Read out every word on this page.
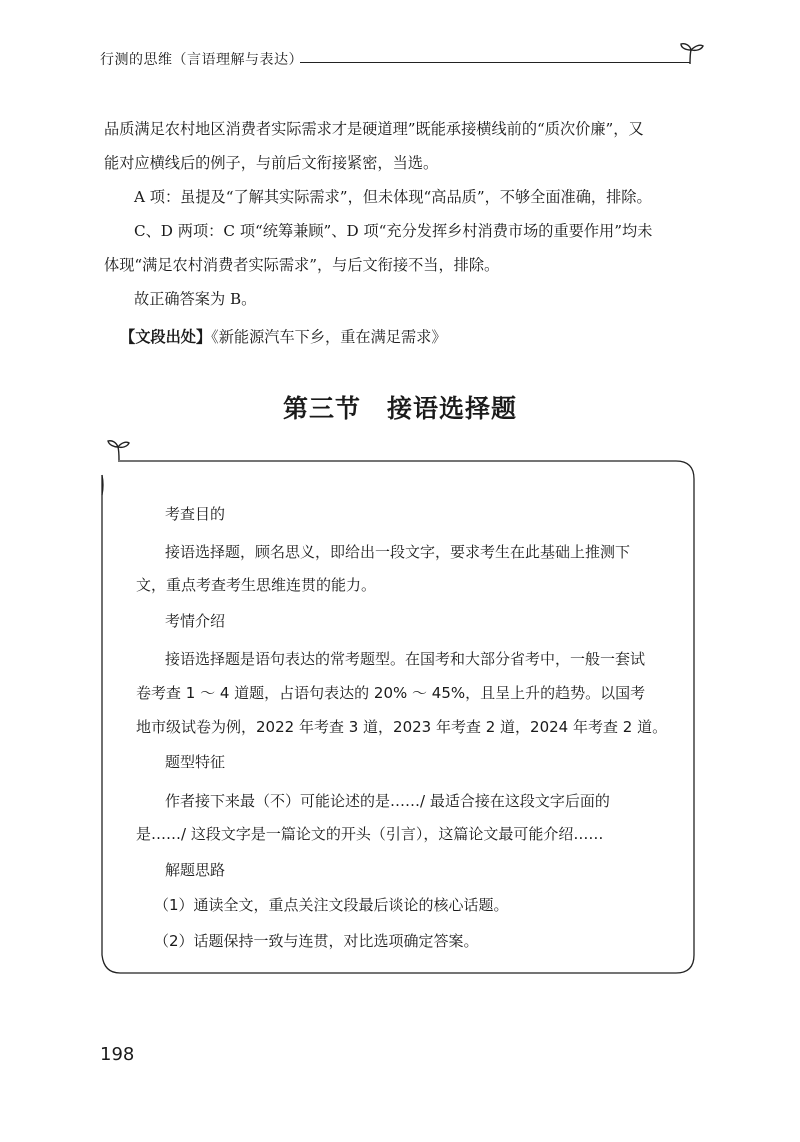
行测的思维（言语理解与表达）
品质满足农村地区消费者实际需求才是硬道理”既能承接横线前的“质次价廉”，又
能对应横线后的例子，与前后文衔接紧密，当选。
A 项：虽提及“了解其实际需求”，但未体现“高品质”，不够全面准确，排除。
C、D 两项：C 项“统筹兼顾”、D 项“充分发挥乡村消费市场的重要作用”均未
体现“满足农村消费者实际需求”，与后文衔接不当，排除。
故正确答案为 B。
【文段出处】《新能源汽车下乡，重在满足需求》
第三节　接语选择题
考查目的
接语选择题，顾名思义，即给出一段文字，要求考生在此基础上推测下
文，重点考查考生思维连贯的能力。
考情介绍
接语选择题是语句表达的常考题型。在国考和大部分省考中，一般一套试
卷考查 1 ～ 4 道题，占语句表达的 20% ～ 45%，且呈上升的趋势。以国考
地市级试卷为例，2022 年考查 3 道，2023 年考查 2 道，2024 年考查 2 道。
题型特征
作者接下来最（不）可能论述的是……/ 最适合接在这段文字后面的
是……/ 这段文字是一篇论文的开头（引言），这篇论文最可能介绍……
解题思路
（1）通读全文，重点关注文段最后谈论的核心话题。
（2）话题保持一致与连贯，对比选项确定答案。
198
